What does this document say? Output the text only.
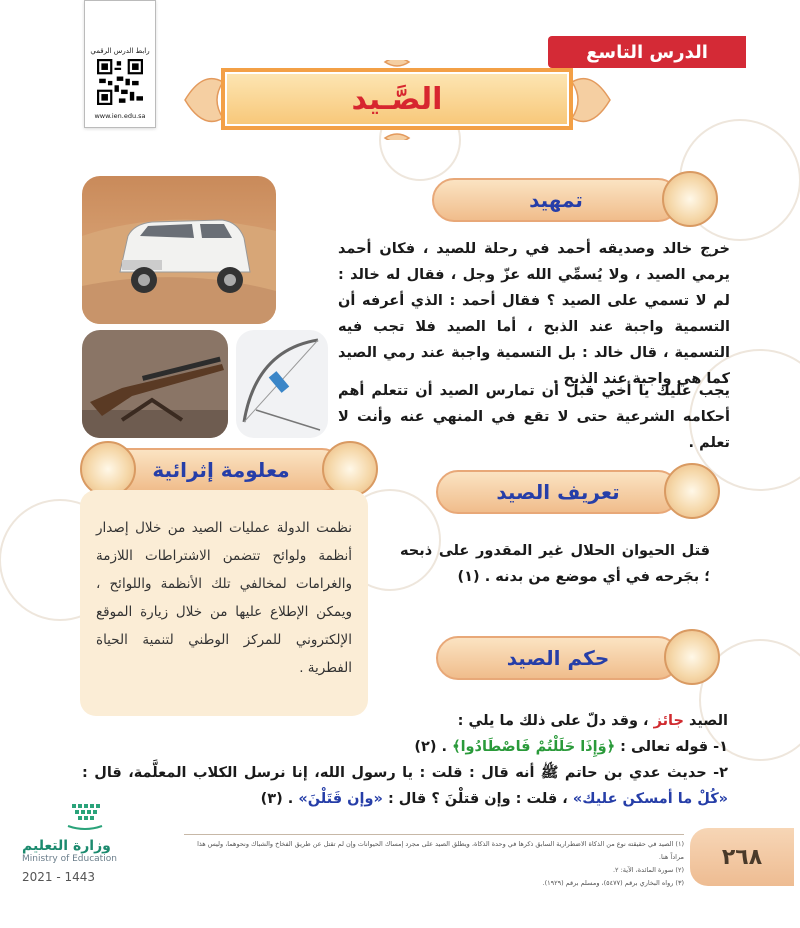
رابط الدرس الرقمي
www.ien.edu.sa
الدرس التاسع
الصَّـيد
تمهيد
خرج خالد وصديقه أحمد في رحلة للصيد ، فكان أحمد يرمي الصيد ، ولا يُسمِّي الله عزّ وجل ، فقال له خالد : لم لا تسمي على الصيد ؟ فقال أحمد : الذي أعرفه أن التسمية واجبة عند الذبح ، أما الصيد فلا تجب فيه التسمية ، قال خالد : بل التسمية واجبة عند رمي الصيد كما هي واجبة عند الذبح .
يجب عليك يا أخي قبل أن تمارس الصيد أن تتعلم أهم أحكامه الشرعية حتى لا تقع في المنهي عنه وأنت لا تعلم .
معلومة إثرائية
نظمت الدولة عمليات الصيد من خلال إصدار أنظمة ولوائح تتضمن الاشتراطات اللازمة والغرامات لمخالفي تلك الأنظمة واللوائح ، ويمكن الإطلاع عليها من خلال زيارة الموقع الإلكتروني للمركز الوطني لتنمية الحياة الفطرية .
تعريف الصيد
قتل الحيوان الحلال غير المقدور على ذبحه ؛ بجَرحه في أي موضع من بدنه . (١)
حكم الصيد
الصيد جائز ، وقد دلّ على ذلك ما يلي :
١- قوله تعالى : ﴿وَإِذَا حَلَلْتُمْ فَاصْطَادُوا﴾ . (٢)
٢- حديث عدي بن حاتم ﷺ أنه قال : قلت : يا رسول الله، إنا نرسل الكلاب المعلَّمة، قال : «كُلْ ما أمسكن عليك» ، قلت : وإن قتلْنَ ؟ قال : «وإن قَتَلْنَ» . (٣)
(١) الصيد في حقيقته نوع من الذكاة الاضطرارية السابق ذكرها في وحدة الذكاة، ويطلق الصيد على مجرد إمساك الحيوانات وإن لم تقتل عن طريق الفخاخ والشباك ونحوهما، وليس هذا مراداً هنا.
(٢) سورة المائدة، الآية: ٢.
(٣) رواه البخاري برقم (٥٤٧٧)، ومسلم برقم (١٩٢٩).
٢٦٨
وزارة التعليم
Ministry of Education
2021 - 1443
